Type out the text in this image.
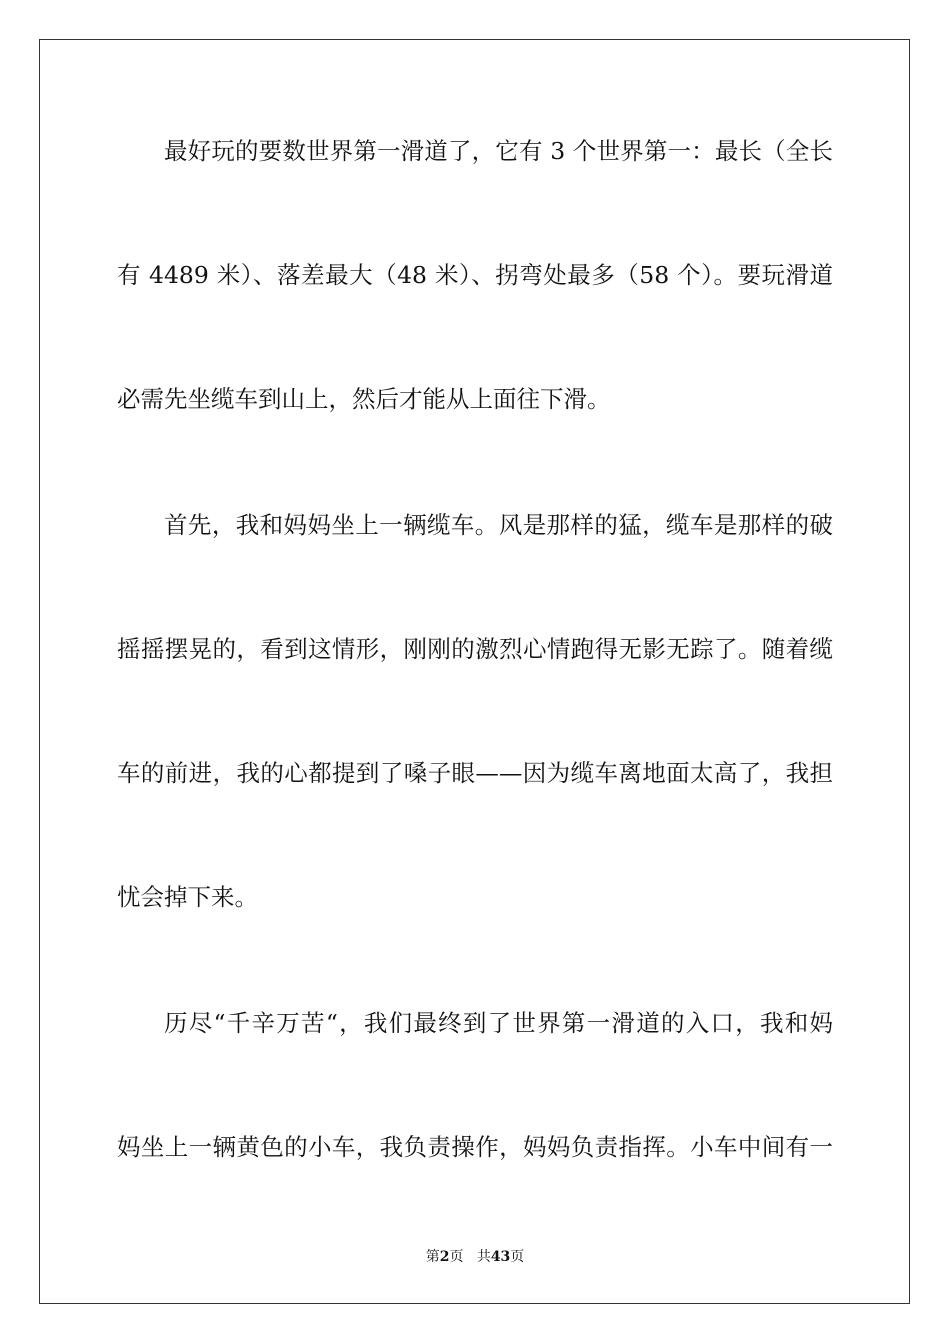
最好玩的要数世界第一滑道了，它有 3 个世界第一：最长（全长
有 4489 米）、落差最大（48 米）、拐弯处最多（58 个）。要玩滑道
必需先坐缆车到山上，然后才能从上面往下滑。
首先，我和妈妈坐上一辆缆车。风是那样的猛，缆车是那样的破
摇摇摆晃的，看到这情形，刚刚的激烈心情跑得无影无踪了。随着缆
车的前进，我的心都提到了嗓子眼——因为缆车离地面太高了，我担
忧会掉下来。
历尽“千辛万苦“，我们最终到了世界第一滑道的入口，我和妈
妈坐上一辆黄色的小车，我负责操作，妈妈负责指挥。小车中间有一
第2页 共43页
